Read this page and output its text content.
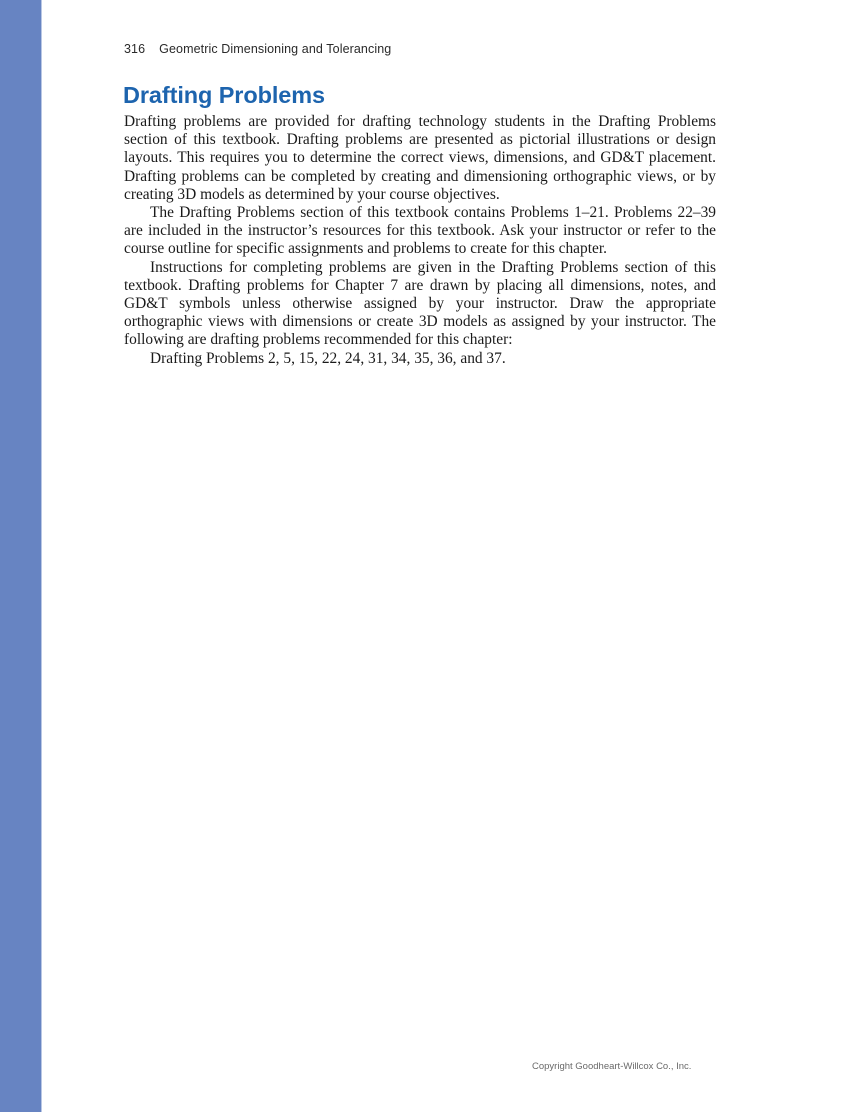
316 Geometric Dimensioning and Tolerancing
Drafting Problems

Drafting problems are provided for drafting technology students in the Drafting Problems section of this textbook. Drafting problems are presented as pictorial illustrations or design layouts. This requires you to determine the correct views, dimensions, and GD&T placement. Drafting problems can be completed by creating and dimensioning orthographic views, or by creating 3D models as determined by your course objectives.

The Drafting Problems section of this textbook contains Problems 1–21. Problems 22–39 are included in the instructor’s resources for this textbook. Ask your instructor or refer to the course outline for specific assignments and problems to create for this chapter.

Instructions for completing problems are given in the Drafting Problems section of this textbook. Drafting problems for Chapter 7 are drawn by placing all dimensions, notes, and GD&T symbols unless otherwise assigned by your instructor. Draw the appropriate orthographic views with dimensions or create 3D models as assigned by your instructor. The following are drafting problems recommended for this chapter:

Drafting Problems 2, 5, 15, 22, 24, 31, 34, 35, 36, and 37.

Copyright Goodheart-Willcox Co., Inc.
